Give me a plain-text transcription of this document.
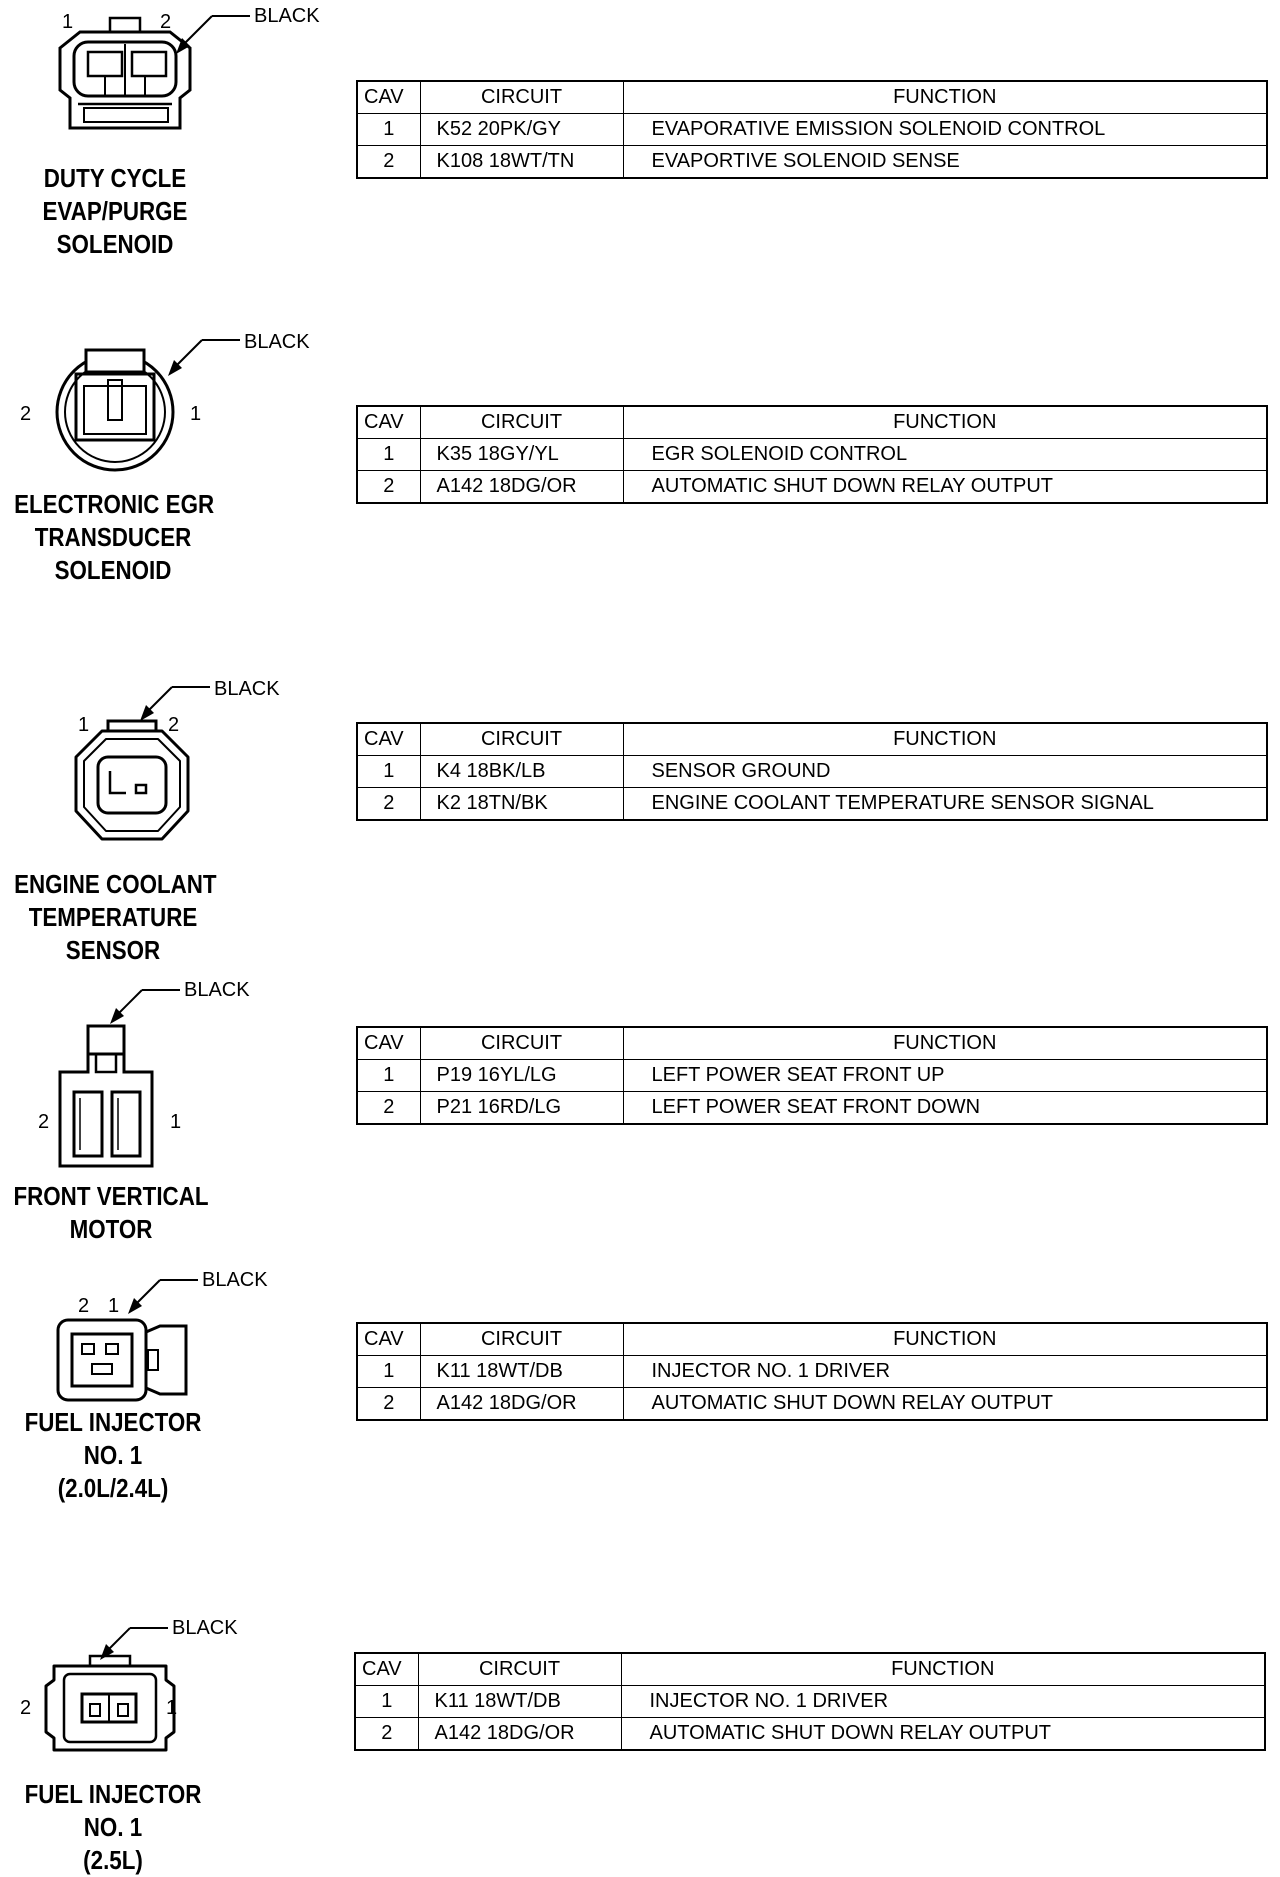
1	2	BLACK
DUTY CYCLE
EVAP/PURGE
SOLENOID
CAV	CIRCUIT	FUNCTION
1	K52 20PK/GY	EVAPORATIVE EMISSION SOLENOID CONTROL
2	K108 18WT/TN	EVAPORTIVE SOLENOID SENSE
2	1
BLACK
ELECTRONIC EGR
TRANSDUCER
SOLENOID
CAV	CIRCUIT	FUNCTION
1	K35 18GY/YL	EGR SOLENOID CONTROL
2	A142 18DG/OR	AUTOMATIC SHUT DOWN RELAY OUTPUT
1	2
BLACK
ENGINE COOLANT
TEMPERATURE
SENSOR
CAV	CIRCUIT	FUNCTION
1	K4 18BK/LB	SENSOR GROUND
2	K2 18TN/BK	ENGINE COOLANT TEMPERATURE SENSOR SIGNAL
2	1
BLACK
FRONT VERTICAL
MOTOR
CAV	CIRCUIT	FUNCTION
1	P19 16YL/LG	LEFT POWER SEAT FRONT UP
2	P21 16RD/LG	LEFT POWER SEAT FRONT DOWN
2 1
BLACK
FUEL INJECTOR
NO. 1
(2.0L/2.4L)
CAV	CIRCUIT	FUNCTION
1	K11 18WT/DB	INJECTOR NO. 1 DRIVER
2	A142 18DG/OR	AUTOMATIC SHUT DOWN RELAY OUTPUT
2	1
BLACK
FUEL INJECTOR
NO. 1
(2.5L)
CAV	CIRCUIT	FUNCTION
1	K11 18WT/DB	INJECTOR NO. 1 DRIVER
2	A142 18DG/OR	AUTOMATIC SHUT DOWN RELAY OUTPUT
